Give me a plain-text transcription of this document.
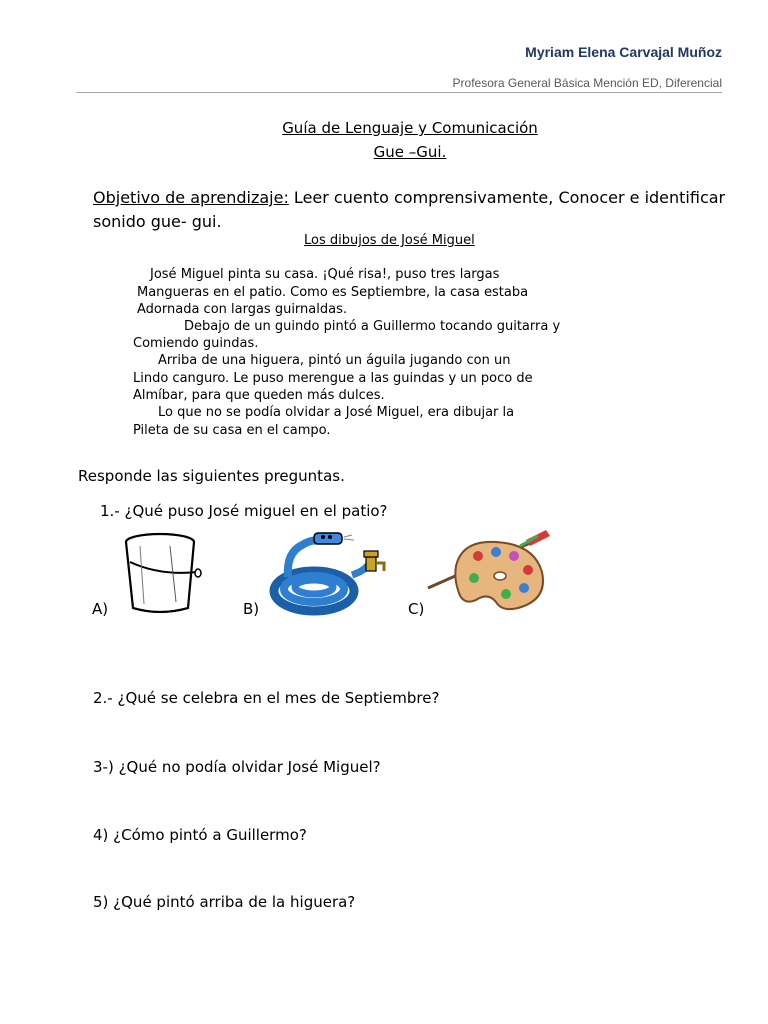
Myriam Elena Carvajal Muñoz
Profesora General Básica Mención ED, Diferencial
Guía de Lenguaje y Comunicación
Gue –Gui.
Objetivo de aprendizaje: Leer cuento comprensivamente, Conocer e identificar sonido gue- gui.
Los dibujos de José Miguel
José Miguel pinta su casa. ¡Qué risa!, puso tres largas
Mangueras en el patio. Como es Septiembre, la casa estaba
Adornada con largas guirnaldas.
Debajo de un guindo pintó a Guillermo tocando guitarra y
Comiendo guindas.
Arriba de una higuera, pintó un águila jugando con un
Lindo canguro. Le puso merengue a las guindas y un poco de
Almíbar, para que queden más dulces.
Lo que no se podía olvidar a José Miguel, era dibujar la
Pileta de su casa en el campo.
Responde las siguientes preguntas.
1.- ¿Qué puso José miguel en el patio?
A)	B)	C)
2.- ¿Qué se celebra en el mes de Septiembre?
3-) ¿Qué no podía olvidar José Miguel?
4) ¿Cómo pintó a Guillermo?
5) ¿Qué pintó arriba de la higuera?
